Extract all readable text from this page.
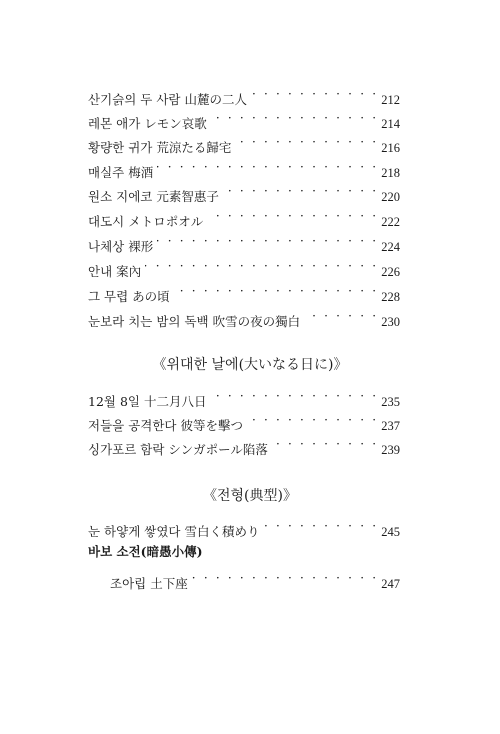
산기슭의 두 사람 山麓の二人 · · ·	212
레몬 애가 レモン哀歌 · · ·	214
황량한 귀가 荒涼たる歸宅 · · ·	216
매실주 梅酒 · · ·	218
원소 지에코 元素智惠子 · · ·	220
대도시 メトロポオル · · ·	222
나체상 裸形 · · ·	224
안내 案內 · · ·	226
그 무렵 あの頃 · · ·	228
눈보라 치는 밤의 독백 吹雪の夜の獨白 · · ·	230
《위대한 날에(大いなる日に)》
12월 8일 十二月八日 · · ·	235
저들을 공격한다 彼等を擊つ · · ·	237
싱가포르 함락 シンガポール陷落 · · ·	239
《전형(典型)》
눈 하얗게 쌓였다 雪白く積めり · · ·	245
바보 소전(暗愚小傳)
조아립 土下座 · · ·	247
